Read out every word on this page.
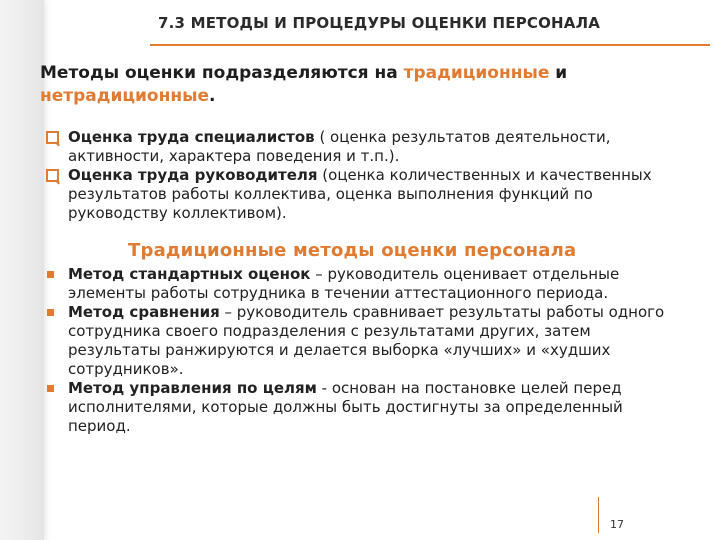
7.3 МЕТОДЫ И ПРОЦЕДУРЫ ОЦЕНКИ ПЕРСОНАЛА
Методы оценки подразделяются на традиционные и
нетрадиционные.
Оценка труда специалистов ( оценка результатов деятельности, активности, характера поведения и т.п.).
Оценка труда руководителя (оценка количественных и качественных результатов работы коллектива, оценка выполнения функций по руководству коллективом).
Традиционные методы оценки персонала
Метод стандартных оценок – руководитель оценивает отдельные элементы работы сотрудника в течении аттестационного периода.
Метод сравнения – руководитель сравнивает результаты работы одного сотрудника своего подразделения с результатами других, затем результаты ранжируются и делается выборка «лучших» и «худших сотрудников».
Метод управления по целям - основан на постановке целей перед исполнителями, которые должны быть достигнуты за определенный период.
17
